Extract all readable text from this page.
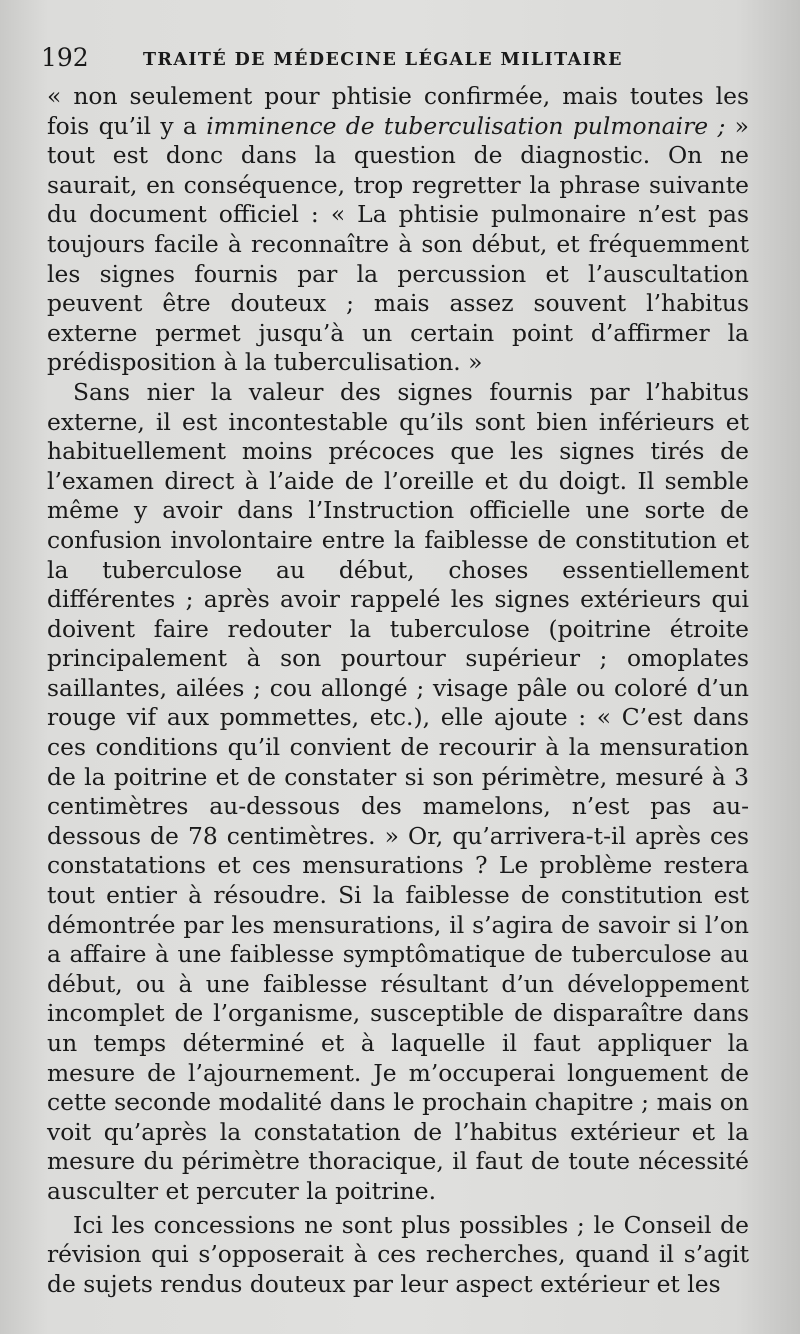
192	TRAITÉ DE MÉDECINE LÉGALE MILITAIRE

« non seulement pour phtisie confirmée, mais toutes les fois qu’il y a imminence de tuberculisation pulmonaire ; » tout est donc dans la question de diagnostic. On ne saurait, en conséquence, trop regretter la phrase suivante du document officiel : « La phtisie pulmonaire n’est pas toujours facile à reconnaître à son début, et fréquemment les signes fournis par la percussion et l’auscultation peuvent être douteux ; mais assez souvent l’habitus externe permet jusqu’à un certain point d’affirmer la prédisposition à la tuberculisation. »

Sans nier la valeur des signes fournis par l’habitus externe, il est incontestable qu’ils sont bien inférieurs et habituellement moins précoces que les signes tirés de l’examen direct à l’aide de l’oreille et du doigt. Il semble même y avoir dans l’Instruction officielle une sorte de confusion involontaire entre la faiblesse de constitution et la tuberculose au début, choses essentiellement différentes ; après avoir rappelé les signes extérieurs qui doivent faire redouter la tuberculose (poitrine étroite principalement à son pourtour supérieur ; omoplates saillantes, ailées ; cou allongé ; visage pâle ou coloré d’un rouge vif aux pommettes, etc.), elle ajoute : « C’est dans ces conditions qu’il convient de recourir à la mensuration de la poitrine et de constater si son périmètre, mesuré à 3 centimètres au-dessous des mamelons, n’est pas au-dessous de 78 centimètres. » Or, qu’arrivera-t-il après ces constatations et ces mensurations ? Le problème restera tout entier à résoudre. Si la faiblesse de constitution est démontrée par les mensurations, il s’agira de savoir si l’on a affaire à une faiblesse symptômatique de tuberculose au début, ou à une faiblesse résultant d’un développement incomplet de l’organisme, susceptible de disparaître dans un temps déterminé et à laquelle il faut appliquer la mesure de l’ajournement. Je m’occuperai longuement de cette seconde modalité dans le prochain chapitre ; mais on voit qu’après la constatation de l’habitus extérieur et la mesure du périmètre thoracique, il faut de toute nécessité ausculter et percuter la poitrine.

Ici les concessions ne sont plus possibles ; le Conseil de révision qui s’opposerait à ces recherches, quand il s’agit de sujets rendus douteux par leur aspect extérieur et les
